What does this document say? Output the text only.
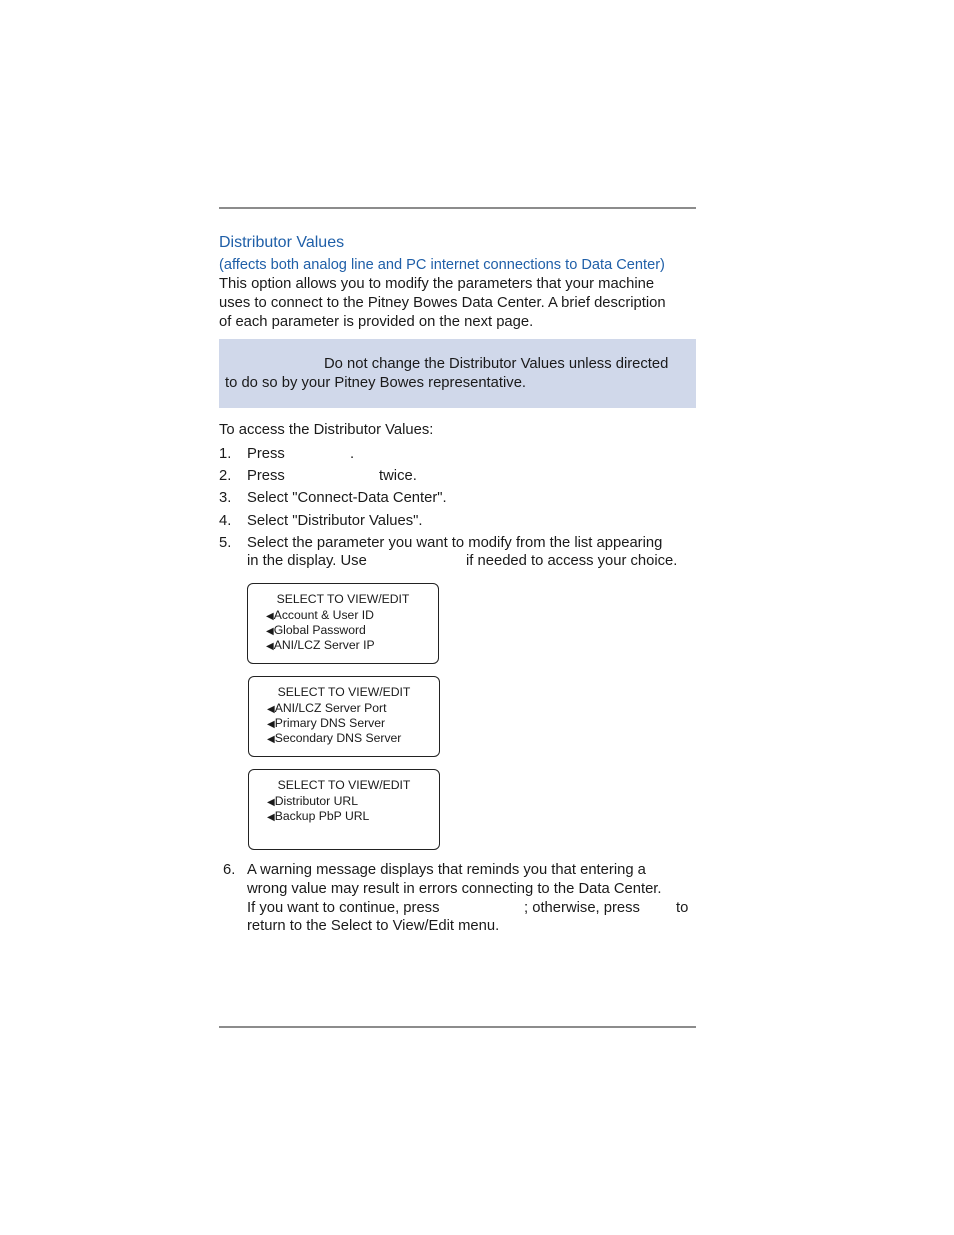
Distributor Values
(affects both analog line and PC internet connections to Data Center)
This option allows you to modify the parameters that your machine
uses to connect to the Pitney Bowes Data Center. A brief description
of each parameter is provided on the next page.
Do not change the Distributor Values unless directed
to do so by your Pitney Bowes representative.
To access the Distributor Values:
1. Press	.
2. Press	twice.
3. Select "Connect-Data Center".
4. Select "Distributor Values".
5. Select the parameter you want to modify from the list appearing
in the display. Use	if needed to access your choice.
SELECT TO VIEW/EDIT
◀Account & User ID
◀Global Password
◀ANI/LCZ Server IP
SELECT TO VIEW/EDIT
◀ANI/LCZ Server Port
◀Primary DNS Server
◀Secondary DNS Server
SELECT TO VIEW/EDIT
◀Distributor URL
◀Backup PbP URL
6. A warning message displays that reminds you that entering a
wrong value may result in errors connecting to the Data Center.
If you want to continue, press	; otherwise, press to
return to the Select to View/Edit menu.
